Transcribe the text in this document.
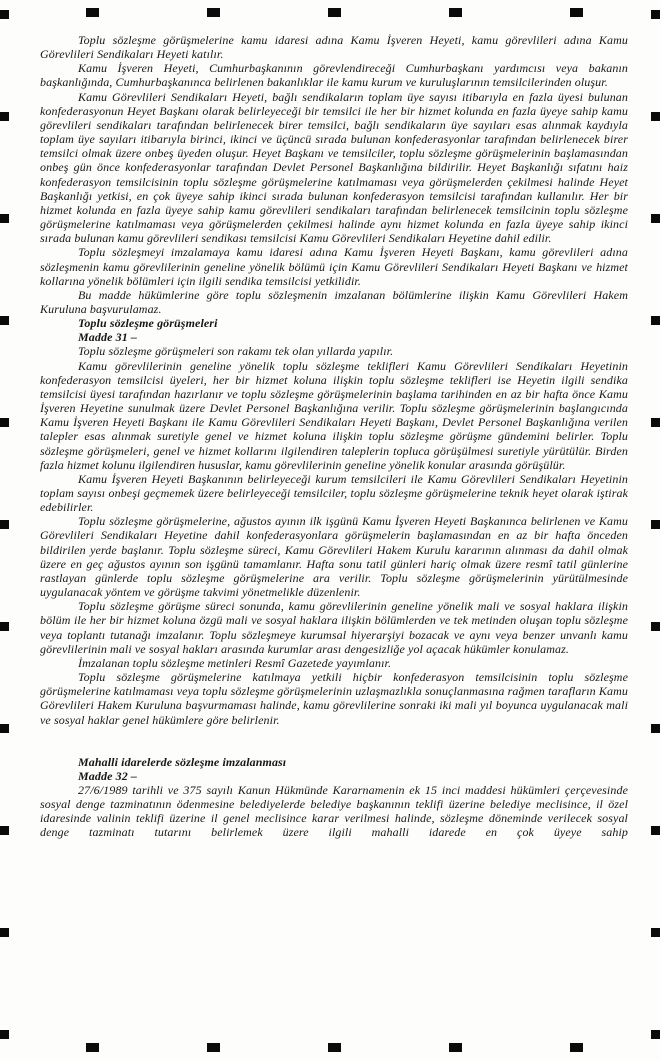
Toplu sözleşme görüşmelerine kamu idaresi adına Kamu İşveren Heyeti, kamu görevlileri adına Kamu Görevlileri Sendikaları Heyeti katılır.

Kamu İşveren Heyeti, Cumhurbaşkanının görevlendireceği Cumhurbaşkanı yardımcısı veya bakanın başkanlığında, Cumhurbaşkanınca belirlenen bakanlıklar ile kamu kurum ve kuruluşlarının temsilcilerinden oluşur.

Kamu Görevlileri Sendikaları Heyeti, bağlı sendikaların toplam üye sayısı itibarıyla en fazla üyesi bulunan konfederasyonun Heyet Başkanı olarak belirleyeceği bir temsilci ile her bir hizmet kolunda en fazla üyeye sahip kamu görevlileri sendikaları tarafından belirlenecek birer temsilci, bağlı sendikaların üye sayıları esas alınmak kaydıyla toplam üye sayıları itibarıyla birinci, ikinci ve üçüncü sırada bulunan konfederasyonlar tarafından belirlenecek birer temsilci olmak üzere onbeş üyeden oluşur. Heyet Başkanı ve temsilciler, toplu sözleşme görüşmelerinin başlamasından onbeş gün önce konfederasyonlar tarafından Devlet Personel Başkanlığına bildirilir. Heyet Başkanlığı sıfatını haiz konfederasyon temsilcisinin toplu sözleşme görüşmelerine katılmaması veya görüşmelerden çekilmesi halinde Heyet Başkanlığı yetkisi, en çok üyeye sahip ikinci sırada bulunan konfederasyon temsilcisi tarafından kullanılır. Her bir hizmet kolunda en fazla üyeye sahip kamu görevlileri sendikaları tarafından belirlenecek temsilcinin toplu sözleşme görüşmelerine katılmaması veya görüşmelerden çekilmesi halinde aynı hizmet kolunda en fazla üyeye sahip ikinci sırada bulunan kamu görevlileri sendikası temsilcisi Kamu Görevlileri Sendikaları Heyetine dahil edilir.

Toplu sözleşmeyi imzalamaya kamu idaresi adına Kamu İşveren Heyeti Başkanı, kamu görevlileri adına sözleşmenin kamu görevlilerinin geneline yönelik bölümü için Kamu Görevlileri Sendikaları Heyeti Başkanı ve hizmet kollarına yönelik bölümleri için ilgili sendika temsilcisi yetkilidir.

Bu madde hükümlerine göre toplu sözleşmenin imzalanan bölümlerine ilişkin Kamu Görevlileri Hakem Kuruluna başvurulamaz.

Toplu sözleşme görüşmeleri

Madde 31 –

Toplu sözleşme görüşmeleri son rakamı tek olan yıllarda yapılır.

Kamu görevlilerinin geneline yönelik toplu sözleşme teklifleri Kamu Görevlileri Sendikaları Heyetinin konfederasyon temsilcisi üyeleri, her bir hizmet koluna ilişkin toplu sözleşme teklifleri ise Heyetin ilgili sendika temsilcisi üyesi tarafından hazırlanır ve toplu sözleşme görüşmelerinin başlama tarihinden en az bir hafta önce Kamu İşveren Heyetine sunulmak üzere Devlet Personel Başkanlığına verilir. Toplu sözleşme görüşmelerinin başlangıcında Kamu İşveren Heyeti Başkanı ile Kamu Görevlileri Sendikaları Heyeti Başkanı, Devlet Personel Başkanlığına verilen talepler esas alınmak suretiyle genel ve hizmet koluna ilişkin toplu sözleşme görüşme gündemini belirler. Toplu sözleşme görüşmeleri, genel ve hizmet kollarını ilgilendiren taleplerin topluca görüşülmesi suretiyle yürütülür. Birden fazla hizmet kolunu ilgilendiren hususlar, kamu görevlilerinin geneline yönelik konular arasında görüşülür.

Kamu İşveren Heyeti Başkanının belirleyeceği kurum temsilcileri ile Kamu Görevlileri Sendikaları Heyetinin toplam sayısı onbeşi geçmemek üzere belirleyeceği temsilciler, toplu sözleşme görüşmelerine teknik heyet olarak iştirak edebilirler.

Toplu sözleşme görüşmelerine, ağustos ayının ilk işgünü Kamu İşveren Heyeti Başkanınca belirlenen ve Kamu Görevlileri Sendikaları Heyetine dahil konfederasyonlara görüşmelerin başlamasından en az bir hafta önceden bildirilen yerde başlanır. Toplu sözleşme süreci, Kamu Görevlileri Hakem Kurulu kararının alınması da dahil olmak üzere en geç ağustos ayının son işgünü tamamlanır. Hafta sonu tatil günleri hariç olmak üzere resmî tatil günlerine rastlayan günlerde toplu sözleşme görüşmelerine ara verilir. Toplu sözleşme görüşmelerinin yürütülmesinde uygulanacak yöntem ve görüşme takvimi yönetmelikle düzenlenir.

Toplu sözleşme görüşme süreci sonunda, kamu görevlilerinin geneline yönelik mali ve sosyal haklara ilişkin bölüm ile her bir hizmet koluna özgü mali ve sosyal haklara ilişkin bölümlerden ve tek metinden oluşan toplu sözleşme veya toplantı tutanağı imzalanır. Toplu sözleşmeye kurumsal hiyerarşiyi bozacak ve aynı veya benzer unvanlı kamu görevlilerinin mali ve sosyal hakları arasında kurumlar arası dengesizliğe yol açacak hükümler konulamaz.

İmzalanan toplu sözleşme metinleri Resmî Gazetede yayımlanır.

Toplu sözleşme görüşmelerine katılmaya yetkili hiçbir konfederasyon temsilcisinin toplu sözleşme görüşmelerine katılmaması veya toplu sözleşme görüşmelerinin uzlaşmazlıkla sonuçlanmasına rağmen tarafların Kamu Görevlileri Hakem Kuruluna başvurmaması halinde, kamu görevlilerine sonraki iki mali yıl boyunca uygulanacak mali ve sosyal haklar genel hükümlere göre belirlenir.

Mahalli idarelerde sözleşme imzalanması

Madde 32 –

27/6/1989 tarihli ve 375 sayılı Kanun Hükmünde Kararnamenin ek 15 inci maddesi hükümleri çerçevesinde sosyal denge tazminatının ödenmesine belediyelerde belediye başkanının teklifi üzerine belediye meclisince, il özel idaresinde valinin teklifi üzerine il genel meclisince karar verilmesi halinde, sözleşme döneminde verilecek sosyal denge tazminatı tutarını belirlemek üzere ilgili mahalli idarede en çok üyeye sahip
